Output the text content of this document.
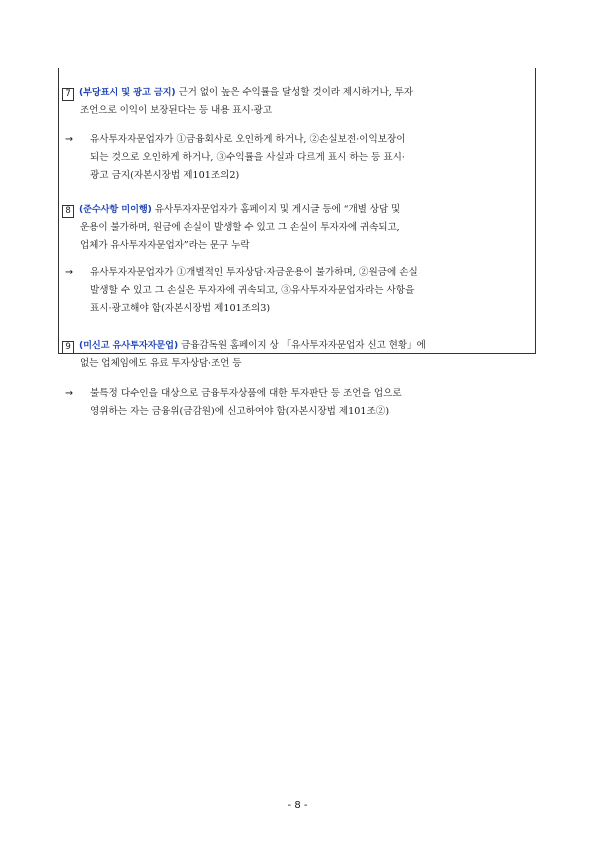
7 (부당표시 및 광고 금지) 근거 없이 높은 수익률을 달성할 것이라 제시하거나, 투자
조언으로 이익이 보장된다는 등 내용 표시·광고
→	유사투자자문업자가 ①금융회사로 오인하게 하거나, ②손실보전·이익보장이
되는 것으로 오인하게 하거나, ③수익률을 사실과 다르게 표시 하는 등 표시·
광고 금지(자본시장법 제101조의2)
8 (준수사항 미이행) 유사투자자문업자가 홈페이지 및 게시글 등에 “개별 상담 및
운용이 불가하며, 원금에 손실이 발생할 수 있고 그 손실이 투자자에 귀속되고,
업체가 유사투자자문업자”라는 문구 누락
→	유사투자자문업자가 ①개별적인 투자상담·자금운용이 불가하며, ②원금에 손실
발생할 수 있고 그 손실은 투자자에 귀속되고, ③유사투자자문업자라는 사항을
표시·광고해야 함(자본시장법 제101조의3)
9 (미신고 유사투자자문업) 금융감독원 홈페이지 상 「유사투자자문업자 신고 현황」에
없는 업체임에도 유료 투자상담·조언 등
→	불특정 다수인을 대상으로 금융투자상품에 대한 투자판단 등 조언을 업으로
영위하는 자는 금융위(금감원)에 신고하여야 함(자본시장법 제101조②)
- 8 -
